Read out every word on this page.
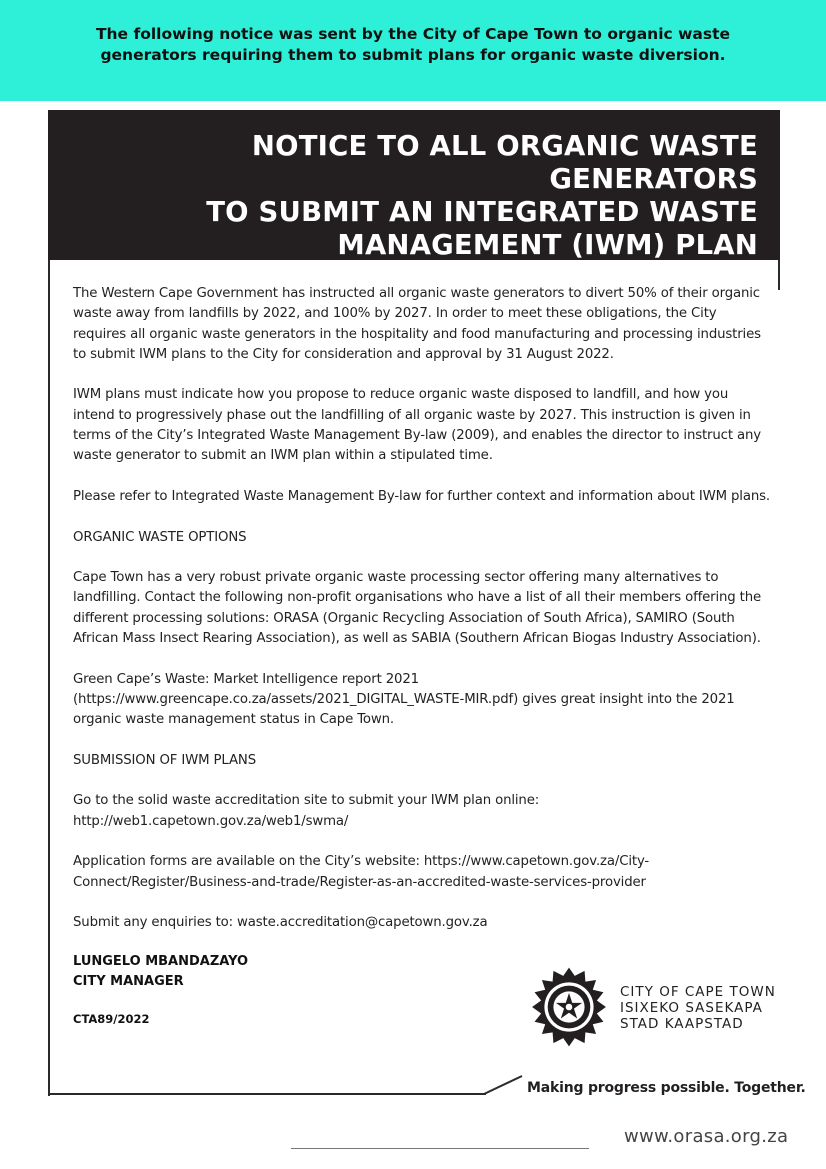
The following notice was sent by the City of Cape Town to organic waste generators requiring them to submit plans for organic waste diversion.

NOTICE TO ALL ORGANIC WASTE GENERATORS
TO SUBMIT AN INTEGRATED WASTE
MANAGEMENT (IWM) PLAN

The Western Cape Government has instructed all organic waste generators to divert 50% of their organic waste away from landfills by 2022, and 100% by 2027. In order to meet these obligations, the City requires all organic waste generators in the hospitality and food manufacturing and processing industries to submit IWM plans to the City for consideration and approval by 31 August 2022.

IWM plans must indicate how you propose to reduce organic waste disposed to landfill, and how you intend to progressively phase out the landfilling of all organic waste by 2027. This instruction is given in terms of the City’s Integrated Waste Management By-law (2009), and enables the director to instruct any waste generator to submit an IWM plan within a stipulated time.

Please refer to Integrated Waste Management By-law for further context and information about IWM plans.

ORGANIC WASTE OPTIONS

Cape Town has a very robust private organic waste processing sector offering many alternatives to landfilling. Contact the following non-profit organisations who have a list of all their members offering the different processing solutions: ORASA (Organic Recycling Association of South Africa), SAMIRO (South African Mass Insect Rearing Association), as well as SABIA (Southern African Biogas Industry Association).

Green Cape’s Waste: Market Intelligence report 2021 (https://www.greencape.co.za/assets/2021_DIGITAL_WASTE-MIR.pdf) gives great insight into the 2021 organic waste management status in Cape Town.

SUBMISSION OF IWM PLANS

Go to the solid waste accreditation site to submit your IWM plan online: http://web1.capetown.gov.za/web1/swma/

Application forms are available on the City’s website: https://www.capetown.gov.za/City-Connect/Register/Business-and-trade/Register-as-an-accredited-waste-services-provider

Submit any enquiries to: waste.accreditation@capetown.gov.za

LUNGELO MBANDAZAYO
CITY MANAGER
CTA89/2022
CITY OF CAPE TOWN
ISIXEKO SASEKAPA
STAD KAAPSTAD
Making progress possible. Together.
www.orasa.org.za
